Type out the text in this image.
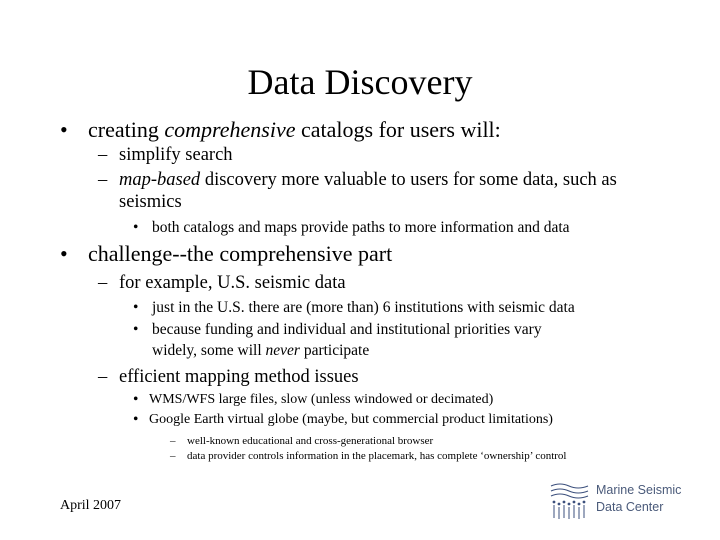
Data Discovery
• creating comprehensive catalogs for users will:
– simplify search
– map-based discovery more valuable to users for some data, such as
seismics
• both catalogs and maps provide paths to more information and data
• challenge--the comprehensive part
– for example, U.S. seismic data
• just in the U.S. there are (more than) 6 institutions with seismic data
• because funding and individual and institutional priorities vary
widely, some will never participate
– efficient mapping method issues
• WMS/WFS large files, slow (unless windowed or decimated)
• Google Earth virtual globe (maybe, but commercial product limitations)
– well-known educational and cross-generational browser
– data provider controls information in the placemark, has complete ‘ownership’ control
April 2007
Marine Seismic
Data Center
